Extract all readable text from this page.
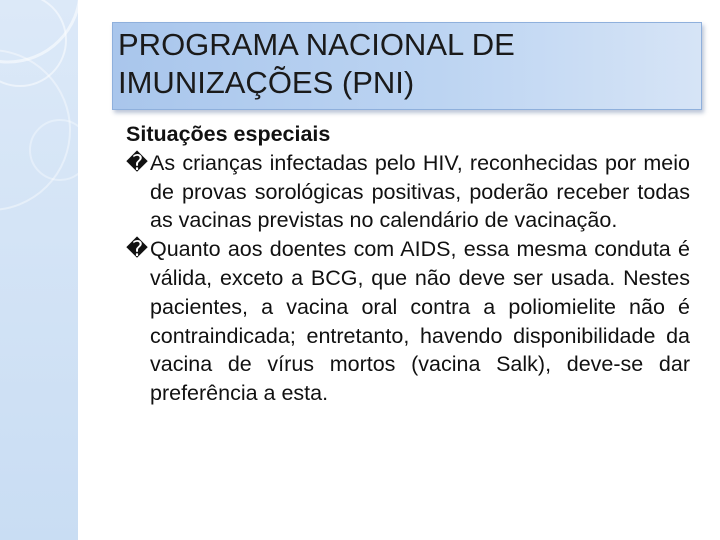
PROGRAMA NACIONAL DE IMUNIZAÇÕES (PNI)

Situações especiais

�As crianças infectadas pelo HIV, reconhecidas por meio de provas sorológicas positivas, poderão receber todas as vacinas previstas no calendário de vacinação.

�Quanto aos doentes com AIDS, essa mesma conduta é válida, exceto a BCG, que não deve ser usada. Nestes pacientes, a vacina oral contra a poliomielite não é contraindicada; entretanto, havendo disponibilidade da vacina de vírus mortos (vacina Salk), deve-se dar preferência a esta.
